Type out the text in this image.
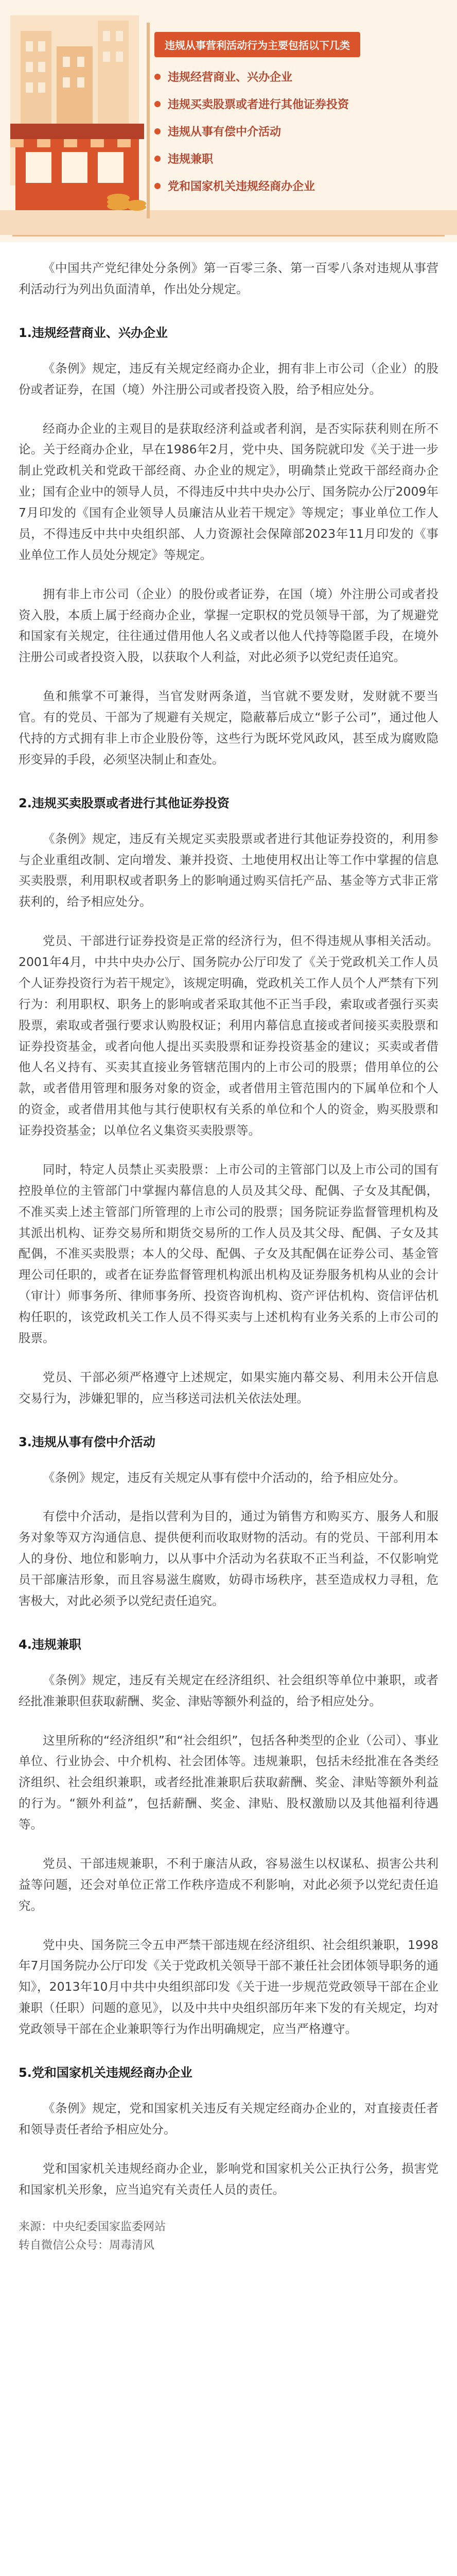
违规从事营利活动行为主要包括以下几类
违规经营商业、兴办企业
违规买卖股票或者进行其他证券投资
违规从事有偿中介活动
违规兼职
党和国家机关违规经商办企业

《中国共产党纪律处分条例》第一百零三条、第一百零八条对违规从事营利活动行为列出负面清单，作出处分规定。

1.违规经营商业、兴办企业

《条例》规定，违反有关规定经商办企业，拥有非上市公司（企业）的股份或者证券，在国（境）外注册公司或者投资入股，给予相应处分。

经商办企业的主观目的是获取经济利益或者利润，是否实际获利则在所不论。关于经商办企业，早在1986年2月，党中央、国务院就印发《关于进一步制止党政机关和党政干部经商、办企业的规定》，明确禁止党政干部经商办企业；国有企业中的领导人员，不得违反中共中央办公厅、国务院办公厅2009年7月印发的《国有企业领导人员廉洁从业若干规定》等规定；事业单位工作人员，不得违反中共中央组织部、人力资源社会保障部2023年11月印发的《事业单位工作人员处分规定》等规定。

拥有非上市公司（企业）的股份或者证券，在国（境）外注册公司或者投资入股，本质上属于经商办企业，掌握一定职权的党员领导干部，为了规避党和国家有关规定，往往通过借用他人名义或者以他人代持等隐匿手段，在境外注册公司或者投资入股，以获取个人利益，对此必须予以党纪责任追究。

鱼和熊掌不可兼得，当官发财两条道，当官就不要发财，发财就不要当官。有的党员、干部为了规避有关规定，隐蔽幕后成立“影子公司”，通过他人代持的方式拥有非上市企业股份等，这些行为既坏党风政风，甚至成为腐败隐形变异的手段，必须坚决制止和查处。

2.违规买卖股票或者进行其他证券投资

《条例》规定，违反有关规定买卖股票或者进行其他证券投资的，利用参与企业重组改制、定向增发、兼并投资、土地使用权出让等工作中掌握的信息买卖股票，利用职权或者职务上的影响通过购买信托产品、基金等方式非正常获利的，给予相应处分。

党员、干部进行证券投资是正常的经济行为，但不得违规从事相关活动。2001年4月，中共中央办公厅、国务院办公厅印发了《关于党政机关工作人员个人证券投资行为若干规定》，该规定明确，党政机关工作人员个人严禁有下列行为：利用职权、职务上的影响或者采取其他不正当手段，索取或者强行买卖股票，索取或者强行要求认购股权证；利用内幕信息直接或者间接买卖股票和证券投资基金，或者向他人提出买卖股票和证券投资基金的建议；买卖或者借他人名义持有、买卖其直接业务管辖范围内的上市公司的股票；借用单位的公款，或者借用管理和服务对象的资金，或者借用主管范围内的下属单位和个人的资金，或者借用其他与其行使职权有关系的单位和个人的资金，购买股票和证券投资基金；以单位名义集资买卖股票等。

同时，特定人员禁止买卖股票：上市公司的主管部门以及上市公司的国有控股单位的主管部门中掌握内幕信息的人员及其父母、配偶、子女及其配偶，不准买卖上述主管部门所管理的上市公司的股票；国务院证券监督管理机构及其派出机构、证券交易所和期货交易所的工作人员及其父母、配偶、子女及其配偶，不准买卖股票；本人的父母、配偶、子女及其配偶在证券公司、基金管理公司任职的，或者在证券监督管理机构派出机构及证券服务机构从业的会计（审计）师事务所、律师事务所、投资咨询机构、资产评估机构、资信评估机构任职的，该党政机关工作人员不得买卖与上述机构有业务关系的上市公司的股票。

党员、干部必须严格遵守上述规定，如果实施内幕交易、利用未公开信息交易行为，涉嫌犯罪的，应当移送司法机关依法处理。

3.违规从事有偿中介活动

《条例》规定，违反有关规定从事有偿中介活动的，给予相应处分。

有偿中介活动，是指以营利为目的，通过为销售方和购买方、服务人和服务对象等双方沟通信息、提供便利而收取财物的活动。有的党员、干部利用本人的身份、地位和影响力，以从事中介活动为名获取不正当利益，不仅影响党员干部廉洁形象，而且容易滋生腐败，妨碍市场秩序，甚至造成权力寻租，危害极大，对此必须予以党纪责任追究。

4.违规兼职

《条例》规定，违反有关规定在经济组织、社会组织等单位中兼职，或者经批准兼职但获取薪酬、奖金、津贴等额外利益的，给予相应处分。

这里所称的“经济组织”和“社会组织”，包括各种类型的企业（公司）、事业单位、行业协会、中介机构、社会团体等。违规兼职，包括未经批准在各类经济组织、社会组织兼职，或者经批准兼职后获取薪酬、奖金、津贴等额外利益的行为。“额外利益”，包括薪酬、奖金、津贴、股权激励以及其他福利待遇等。

党员、干部违规兼职，不利于廉洁从政，容易滋生以权谋私、损害公共利益等问题，还会对单位正常工作秩序造成不利影响，对此必须予以党纪责任追究。

党中央、国务院三令五申严禁干部违规在经济组织、社会组织兼职，1998年7月国务院办公厅印发《关于党政机关领导干部不兼任社会团体领导职务的通知》，2013年10月中共中央组织部印发《关于进一步规范党政领导干部在企业兼职（任职）问题的意见》，以及中共中央组织部历年来下发的有关规定，均对党政领导干部在企业兼职等行为作出明确规定，应当严格遵守。

5.党和国家机关违规经商办企业

《条例》规定，党和国家机关违反有关规定经商办企业的，对直接责任者和领导责任者给予相应处分。

党和国家机关违规经商办企业，影响党和国家机关公正执行公务，损害党和国家机关形象，应当追究有关责任人员的责任。

来源：中央纪委国家监委网站
转自微信公众号：周毒清风
